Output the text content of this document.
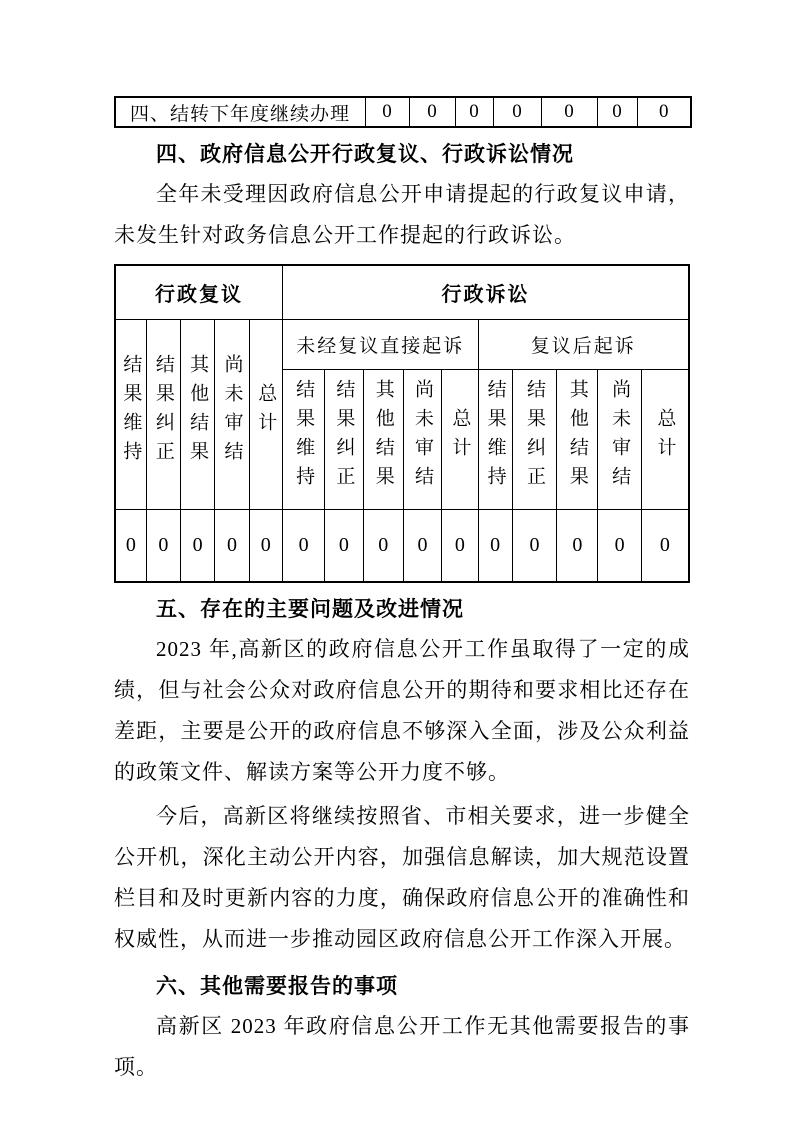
四、结转下年度继续办理	0	0	0	0	0	0	0
四、政府信息公开行政复议、行政诉讼情况

全年未受理因政府信息公开申请提起的行政复议申请，未发生针对政务信息公开工作提起的行政诉讼。

行政复议					行政诉讼									
结果维持	结果纠正	其他结果	尚未审结	总计	未经复议直接起诉					复议后起诉				
					结果维持	结果纠正	其他结果	尚未审结	总计	结果维持	结果纠正	其他结果	尚未审结	总计
0	0	0	0	0	0	0	0	0	0	0	0	0	0	0
五、存在的主要问题及改进情况

2023 年,高新区的政府信息公开工作虽取得了一定的成绩，但与社会公众对政府信息公开的期待和要求相比还存在差距，主要是公开的政府信息不够深入全面，涉及公众利益的政策文件、解读方案等公开力度不够。

今后，高新区将继续按照省、市相关要求，进一步健全公开机，深化主动公开内容，加强信息解读，加大规范设置栏目和及时更新内容的力度，确保政府信息公开的准确性和权威性，从而进一步推动园区政府信息公开工作深入开展。

六、其他需要报告的事项

高新区 2023 年政府信息公开工作无其他需要报告的事项。
